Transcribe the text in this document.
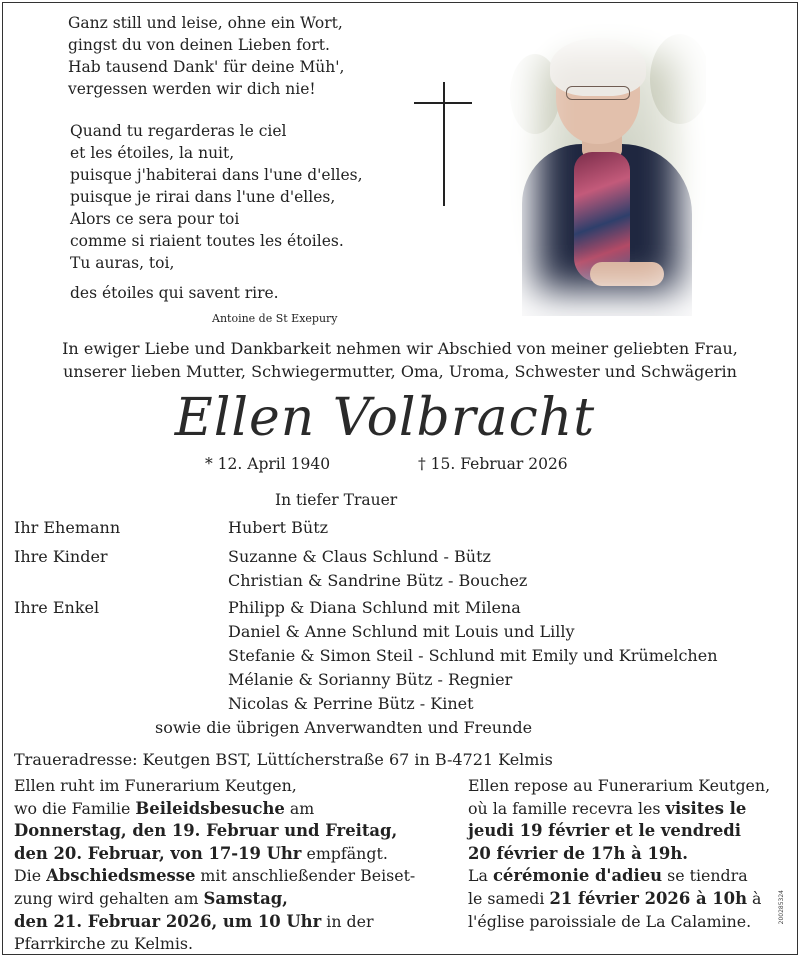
Ganz still und leise, ohne ein Wort,
gingst du von deinen Lieben fort.
Hab tausend Dank' für deine Müh',
vergessen werden wir dich nie!
Quand tu regarderas le ciel
et les étoiles, la nuit,
puisque j'habiterai dans l'une d'elles,
puisque je rirai dans l'une d'elles,
Alors ce sera pour toi
comme si riaient toutes les étoiles.
Tu auras, toi,
des étoiles qui savent rire.
Antoine de St Exepury
In ewiger Liebe und Dankbarkeit nehmen wir Abschied von meiner geliebten Frau,
unserer lieben Mutter, Schwiegermutter, Oma, Uroma, Schwester und Schwägerin
Ellen Volbracht
* 12. April 1940	† 15. Februar 2026
In tiefer Trauer
Ihr Ehemann	Hubert Bütz
Ihre Kinder	Suzanne & Claus Schlund - Bütz
Christian & Sandrine Bütz - Bouchez
Ihre Enkel	Philipp & Diana Schlund mit Milena
Daniel & Anne Schlund mit Louis und Lilly
Stefanie & Simon Steil - Schlund mit Emily und Krümelchen
Mélanie & Sorianny Bütz - Regnier
Nicolas & Perrine Bütz - Kinet
sowie die übrigen Anverwandten und Freunde
Traueradresse: Keutgen BST, Lüttícherstraße 67 in B-4721 Kelmis
Ellen ruht im Funerarium Keutgen,
wo die Familie Beileidsbesuche am
Donnerstag, den 19. Februar und Freitag,
den 20. Februar, von 17-19 Uhr empfängt.
Die Abschiedsmesse mit anschließender Beiset-
zung wird gehalten am Samstag,
den 21. Februar 2026, um 10 Uhr in der
Pfarrkirche zu Kelmis.
Ellen repose au Funerarium Keutgen,
où la famille recevra les visites le
jeudi 19 février et le vendredi
20 février de 17h à 19h.
La cérémonie d'adieu se tiendra
le samedi 21 février 2026 à 10h à
l'église paroissiale de La Calamine.	200285324
